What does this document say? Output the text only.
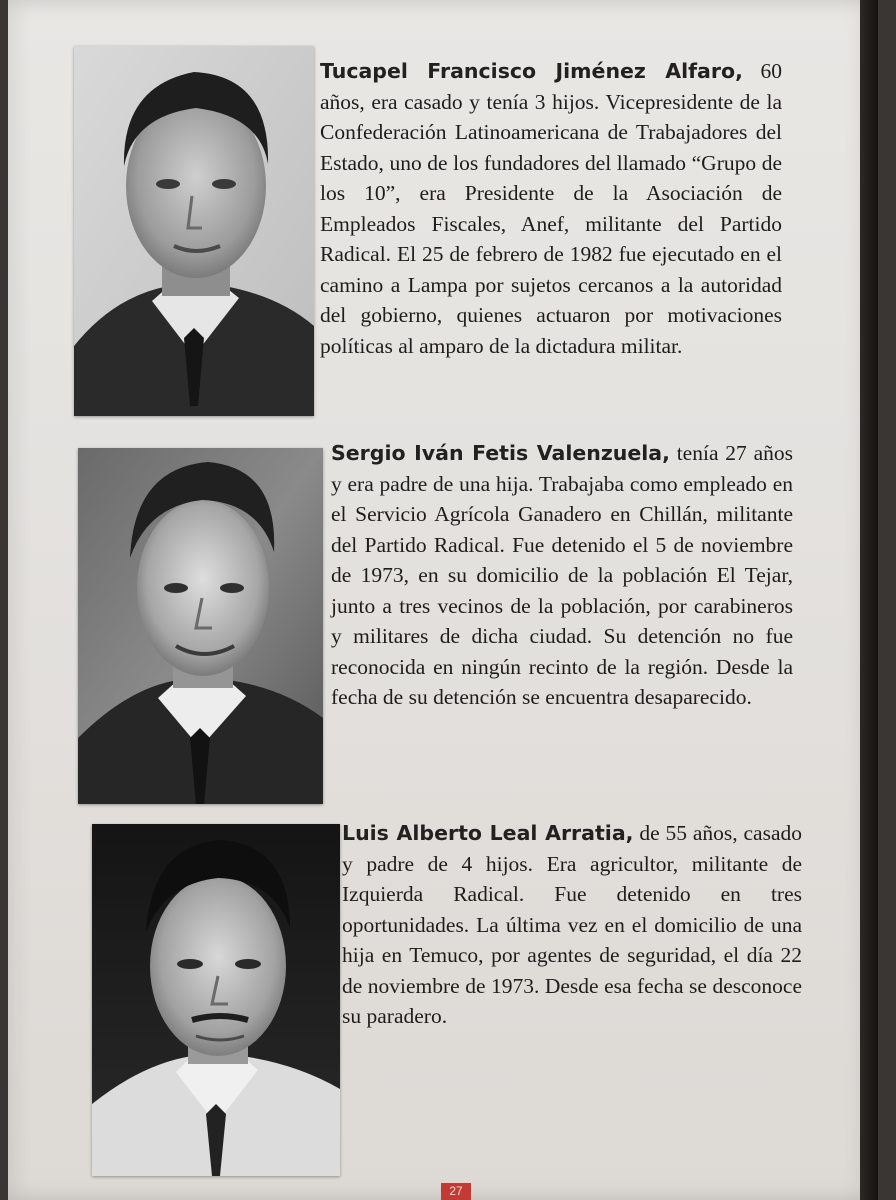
Tucapel Francisco Jiménez Alfaro, 60 años, era casado y tenía 3 hijos. Vicepresidente de la Confederación Latinoamericana de Trabajadores del Estado, uno de los fundadores del llamado “Grupo de los 10”, era Presidente de la Asociación de Empleados Fiscales, Anef, militante del Partido Radical. El 25 de febrero de 1982 fue ejecutado en el camino a Lampa por sujetos cercanos a la autoridad del gobierno, quienes actuaron por motivaciones políticas al amparo de la dictadura militar.

Sergio Iván Fetis Valenzuela, tenía 27 años y era padre de una hija. Trabajaba como empleado en el Servicio Agrícola Ganadero en Chillán, militante del Partido Radical. Fue detenido el 5 de noviembre de 1973, en su domicilio de la población El Tejar, junto a tres vecinos de la población, por carabineros y militares de dicha ciudad. Su detención no fue reconocida en ningún recinto de la región. Desde la fecha de su detención se encuentra desaparecido.

Luis Alberto Leal Arratia, de 55 años, casado y padre de 4 hijos. Era agricultor, militante de Izquierda Radical. Fue detenido en tres oportunidades. La última vez en el domicilio de una hija en Temuco, por agentes de seguridad, el día 22 de noviembre de 1973. Desde esa fecha se desconoce su paradero.

27
